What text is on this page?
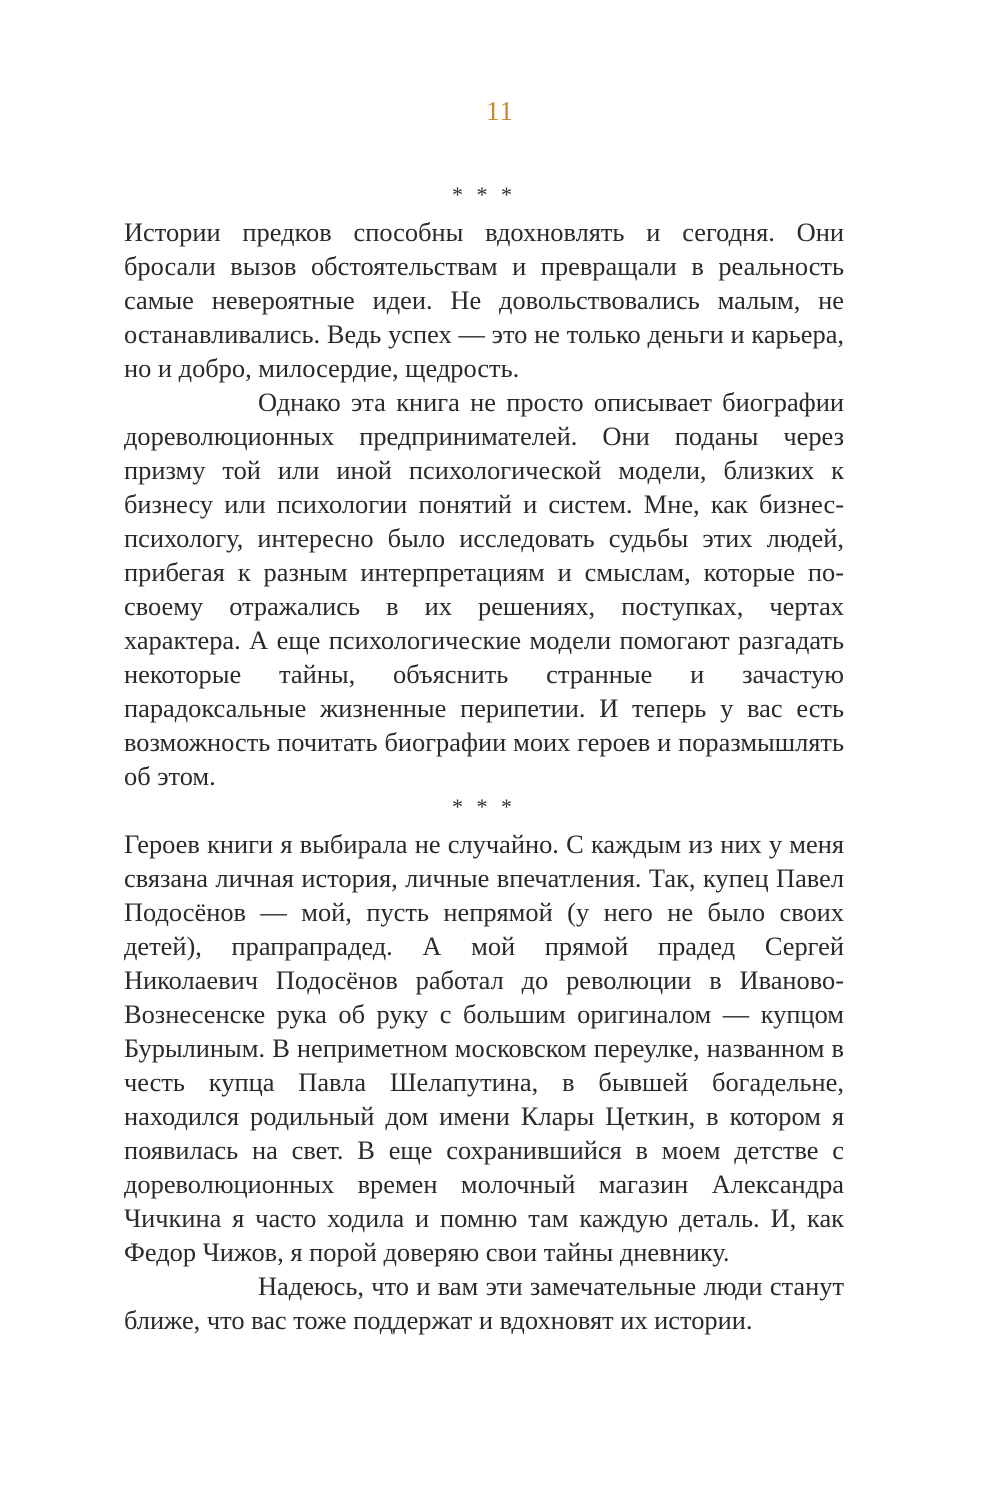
11
* * *

Истории предков способны вдохновлять и сегодня. Они бросали вызов обстоятельствам и превращали в реальность самые невероятные идеи. Не довольствовались малым, не останавливались. Ведь успех — это не только деньги и карьера, но и добро, милосердие, щедрость.

Однако эта книга не просто описывает биографии дореволюционных предпринимателей. Они поданы через призму той или иной психологической модели, близких к бизнесу или психологии понятий и систем. Мне, как бизнес-психологу, интересно было исследовать судьбы этих людей, прибегая к разным интерпретациям и смыслам, которые по-своему отражались в их решениях, поступках, чертах характера. А еще психологические модели помогают разгадать некоторые тайны, объяснить странные и зачастую парадоксальные жизненные перипетии. И теперь у вас есть возможность почитать биографии моих героев и поразмышлять об этом.

* * *

Героев книги я выбирала не случайно. С каждым из них у меня связана личная история, личные впечатления. Так, купец Павел Подосёнов — мой, пусть непрямой (у него не было своих детей), прапрапрадед. А мой прямой прадед Сергей Николаевич Подосёнов работал до революции в Иваново-Вознесенске рука об руку с большим оригиналом — купцом Бурылиным. В неприметном московском переулке, названном в честь купца Павла Шелапутина, в бывшей богадельне, находился родильный дом имени Клары Цеткин, в котором я появилась на свет. В еще сохранившийся в моем детстве с дореволюционных времен молочный магазин Александра Чичкина я часто ходила и помню там каждую деталь. И, как Федор Чижов, я порой доверяю свои тайны дневнику.

Надеюсь, что и вам эти замечательные люди станут ближе, что вас тоже поддержат и вдохновят их истории.
